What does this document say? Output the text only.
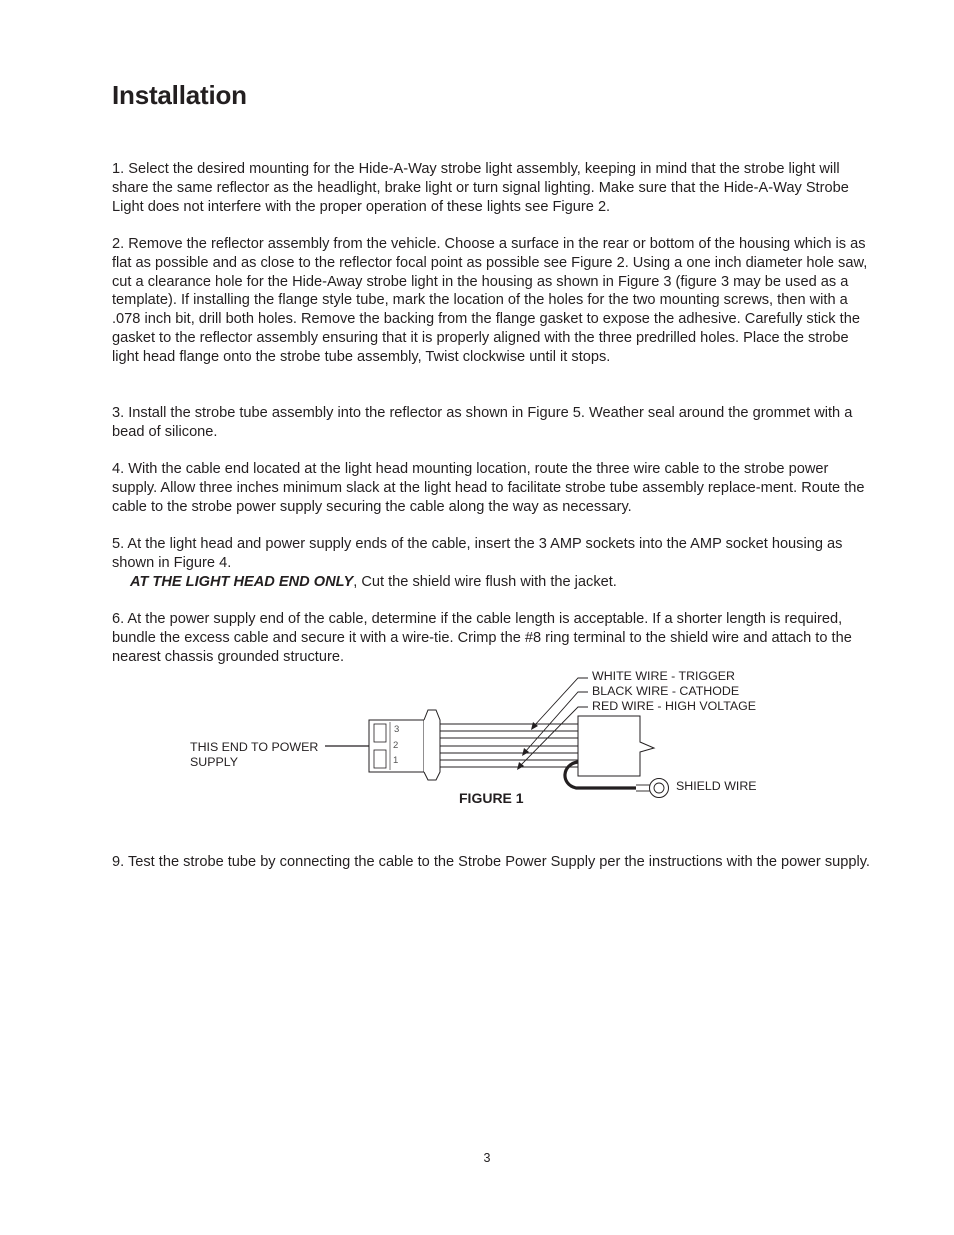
Installation

1. Select the desired mounting for the Hide-A-Way strobe light assembly, keeping in mind that the strobe light will share the same reflector as the headlight, brake light or turn signal lighting. Make sure that the Hide-A-Way Strobe Light does not interfere with the proper operation of these lights see Figure 2.

2. Remove the reflector assembly from the vehicle. Choose a surface in the rear or bottom of the housing which is as flat as possible and as close to the reflector focal point as possible see Figure 2. Using a one inch diameter hole saw, cut a clearance hole for the Hide-Away strobe light in the housing as shown in Figure 3 (figure 3 may be used as a template). If installing the flange style tube, mark the location of the holes for the two mounting screws, then with a .078 inch bit, drill both holes. Remove the backing from the flange gasket to expose the adhesive. Carefully stick the gasket to the reflector assembly ensuring that it is properly aligned with the three predrilled holes. Place the strobe light head flange onto the strobe tube assembly, Twist clockwise until it stops.

3. Install the strobe tube assembly into the reflector as shown in Figure 5. Weather seal around the grommet with a bead of silicone.

4. With the cable end located at the light head mounting location, route the three wire cable to the strobe power supply. Allow three inches minimum slack at the light head to facilitate strobe tube assembly replace-ment. Route the cable to the strobe power supply securing the cable along the way as necessary.

5. At the light head and power supply ends of the cable, insert the 3 AMP sockets into the AMP socket housing as shown in Figure 4.

AT THE LIGHT HEAD END ONLY, Cut the shield wire flush with the jacket.

6. At the power supply end of the cable, determine if the cable length is acceptable. If a shorter length is required, bundle the excess cable and secure it with a wire-tie. Crimp the #8 ring terminal to the shield wire and attach to the nearest chassis grounded structure.

3
2
1

THIS END TO POWER
SUPPLY

WHITE WIRE - TRIGGER
BLACK WIRE - CATHODE
RED WIRE - HIGH VOLTAGE
SHIELD WIRE
FIGURE 1

9. Test the strobe tube by connecting the cable to the Strobe Power Supply per the instructions with the power supply.

3
